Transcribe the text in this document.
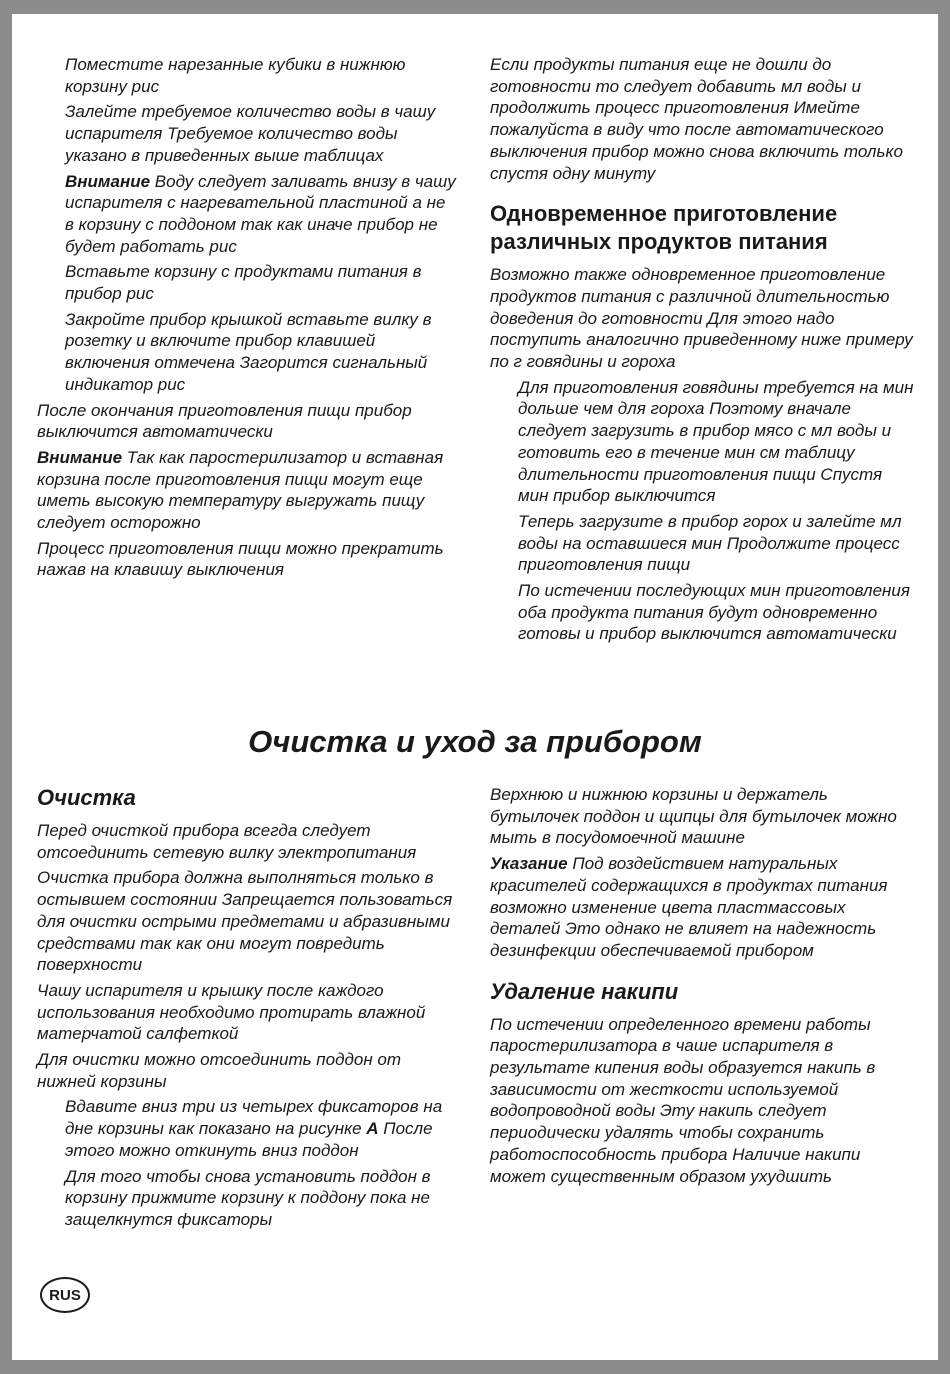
Поместите нарезанные кубики в нижнюю корзину рис

Залейте требуемое количество воды в чашу испарителя Требуемое количество воды указано в приведенных выше таблицах

Внимание Воду следует заливать внизу в чашу испарителя с нагревательной пластиной а не в корзину с поддоном так как иначе прибор не будет работать рис

Вставьте корзину с продуктами питания в прибор рис

Закройте прибор крышкой вставьте вилку в розетку и включите прибор клавишей включения отмечена Загорится сигнальный индикатор рис

После окончания приготовления пищи прибор выключится автоматически

Внимание Так как паростерилизатор и вставная корзина после приготовления пищи могут еще иметь высокую температуру выгружать пищу следует осторожно

Процесс приготовления пищи можно прекратить нажав на клавишу выключения

Если продукты питания еще не дошли до готовности то следует добавить мл воды и продолжить процесс приготовления Имейте пожалуйста в виду что после автоматического выключения прибор можно снова включить только спустя одну минуту

Одновременное приготовление различных продуктов питания

Возможно также одновременное приготовление продуктов питания с различной длительностью доведения до готовности Для этого надо поступить аналогично приведенному ниже примеру по г говядины и гороха

Для приготовления говядины требуется на мин дольше чем для гороха Поэтому вначале следует загрузить в прибор мясо с мл воды и готовить его в течение мин см таблицу длительности приготовления пищи Спустя мин прибор выключится

Теперь загрузите в прибор горох и залейте мл воды на оставшиеся мин Продолжите процесс приготовления пищи

По истечении последующих мин приготовления оба продукта питания будут одновременно готовы и прибор выключится автоматически

Очистка и уход за прибором
Очистка

Перед очисткой прибора всегда следует отсоединить сетевую вилку электропитания

Очистка прибора должна выполняться только в остывшем состоянии Запрещается пользоваться для очистки острыми предметами и абразивными средствами так как они могут повредить поверхности

Чашу испарителя и крышку после каждого использования необходимо протирать влажной матерчатой салфеткой

Для очистки можно отсоединить поддон от нижней корзины

Вдавите вниз три из четырех фиксаторов на дне корзины как показано на рисунке A После этого можно откинуть вниз поддон

Для того чтобы снова установить поддон в корзину прижмите корзину к поддону пока не защелкнутся фиксаторы

Верхнюю и нижнюю корзины и держатель бутылочек поддон и щипцы для бутылочек можно мыть в посудомоечной машине

Указание Под воздействием натуральных красителей содержащихся в продуктах питания возможно изменение цвета пластмассовых деталей Это однако не влияет на надежность дезинфекции обеспечиваемой прибором

Удаление накипи

По истечении определенного времени работы паростерилизатора в чаше испарителя в результате кипения воды образуется накипь в зависимости от жесткости используемой водопроводной воды Эту накипь следует периодически удалять чтобы сохранить работоспособность прибора Наличие накипи может существенным образом ухудшить

RUS
